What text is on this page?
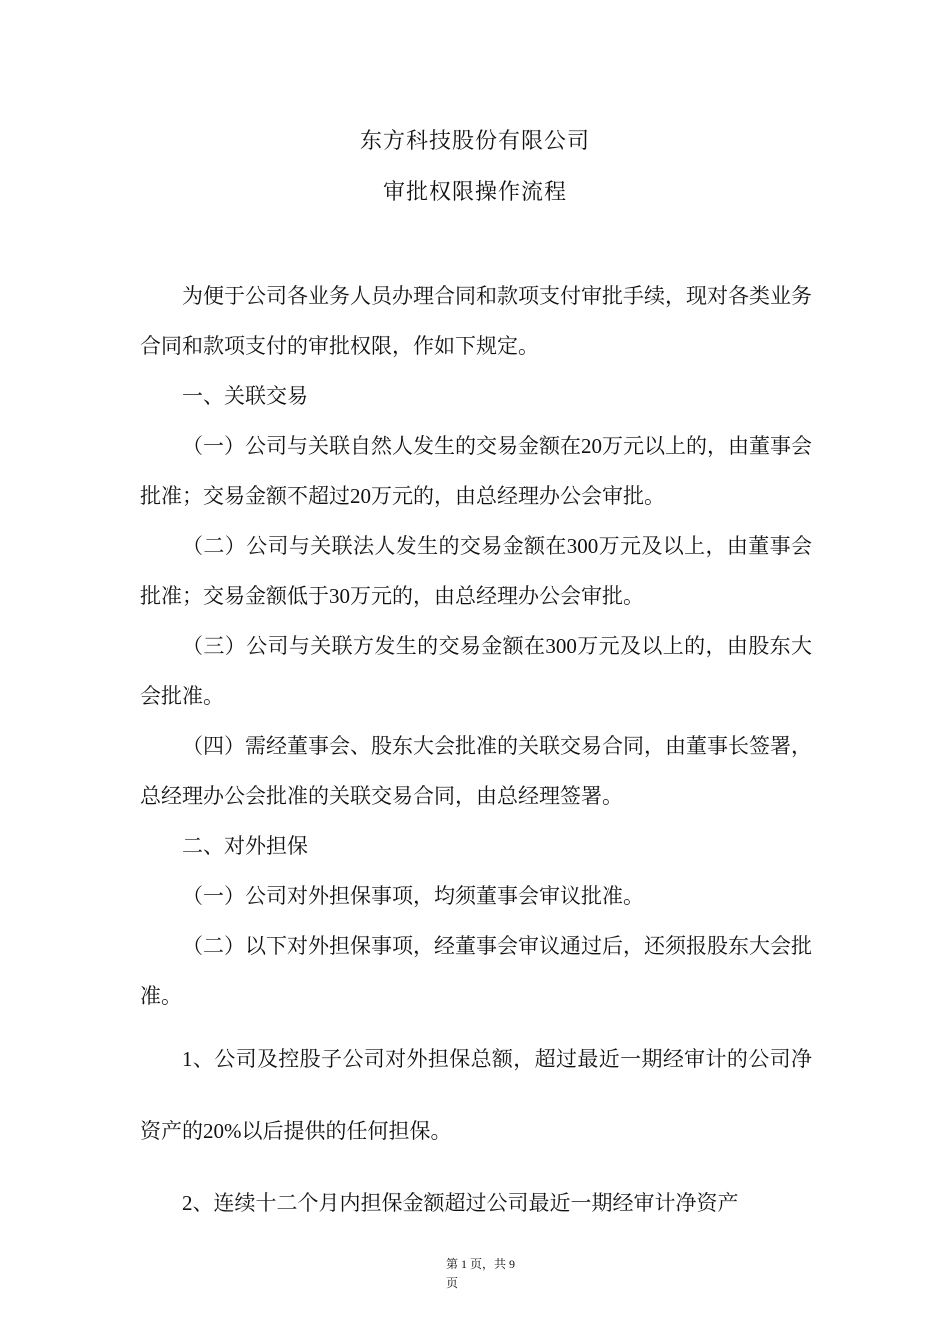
东方科技股份有限公司
审批权限操作流程

为便于公司各业务人员办理合同和款项支付审批手续，现对各类业务合同和款项支付的审批权限，作如下规定。

一、关联交易

（一）公司与关联自然人发生的交易金额在20万元以上的，由董事会批准；交易金额不超过20万元的，由总经理办公会审批。

（二）公司与关联法人发生的交易金额在300万元及以上，由董事会批准；交易金额低于30万元的，由总经理办公会审批。

（三）公司与关联方发生的交易金额在300万元及以上的，由股东大会批准。

（四）需经董事会、股东大会批准的关联交易合同，由董事长签署，总经理办公会批准的关联交易合同，由总经理签署。

二、对外担保

（一）公司对外担保事项，均须董事会审议批准。

（二）以下对外担保事项，经董事会审议通过后，还须报股东大会批准。

1、公司及控股子公司对外担保总额，超过最近一期经审计的公司净资产的20%以后提供的任何担保。

2、连续十二个月内担保金额超过公司最近一期经审计净资产

第 1 页，共 9
页
